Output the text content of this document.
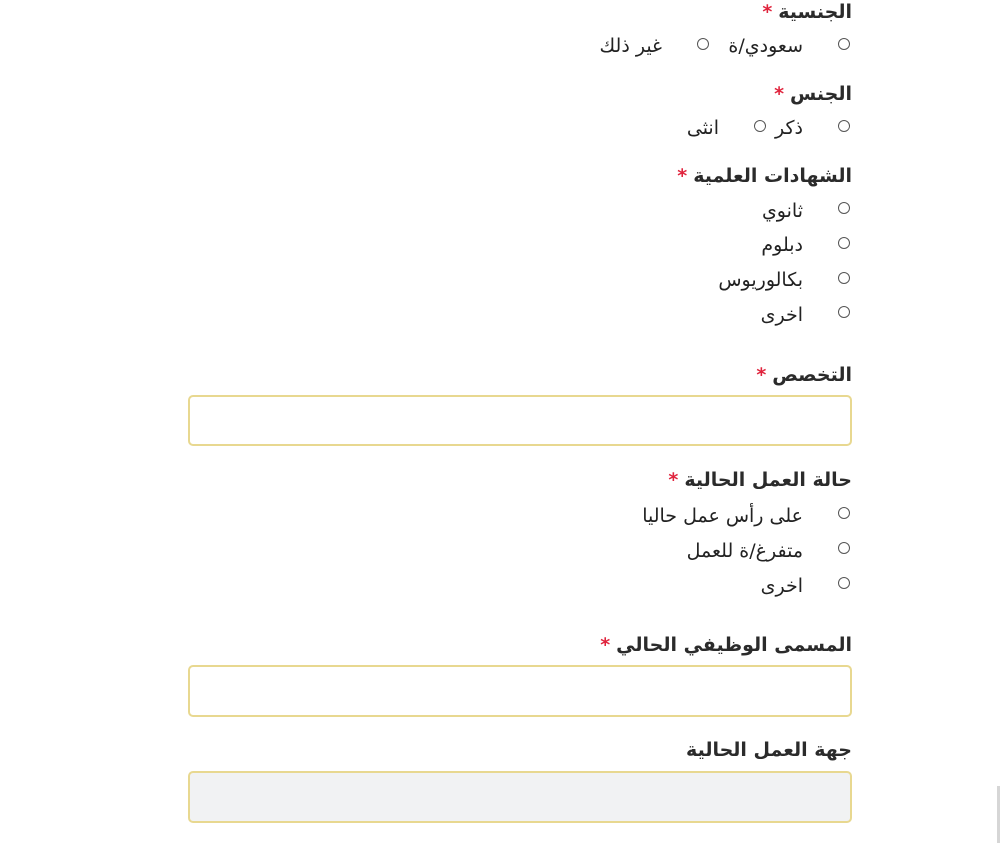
الجنسية*
سعودي/ة
غير ذلك
الجنس*
ذكر
انثى
الشهادات العلمية*
ثانوي
دبلوم
بكالوريوس
اخرى
التخصص*
حالة العمل الحالية*
على رأس عمل حاليا
متفرغ/ة للعمل
اخرى
المسمى الوظيفي الحالي*
جهة العمل الحالية
